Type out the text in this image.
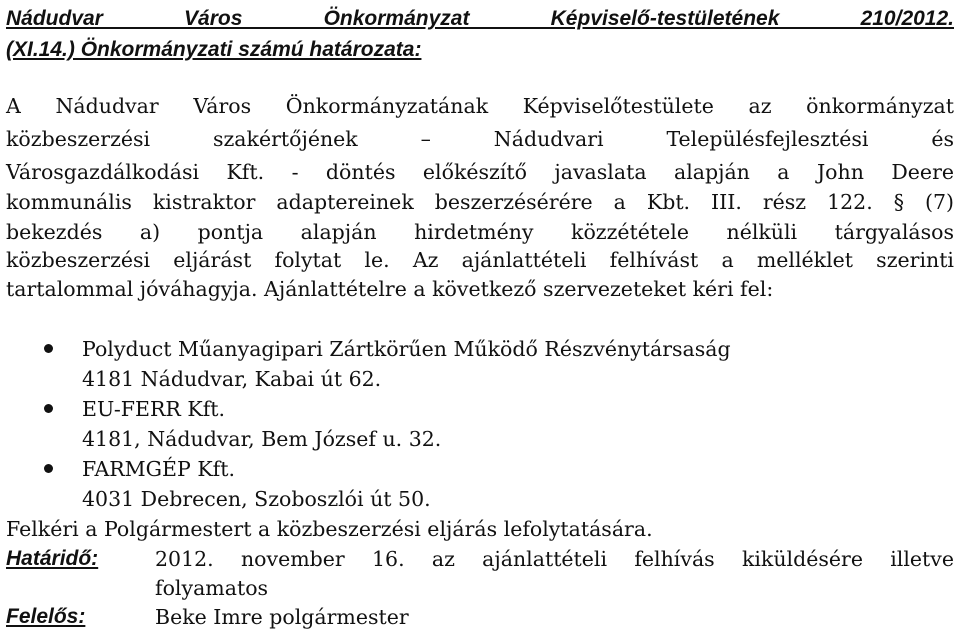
Nádudvar Város Önkormányzat Képviselő-testületének 210/2012.
(XI.14.) Önkormányzati számú határozata:
A Nádudvar Város Önkormányzatának Képviselőtestülete az önkormányzat
közbeszerzési szakértőjének – Nádudvari Településfejlesztési és
Városgazdálkodási Kft. - döntés előkészítő javaslata alapján a John Deere
kommunális kistraktor adaptereinek beszerzésérére a Kbt. III. rész 122. § (7)
bekezdés a) pontja alapján hirdetmény közzététele nélküli tárgyalásos
közbeszerzési eljárást folytat le. Az ajánlattételi felhívást a melléklet szerinti
tartalommal jóváhagyja. Ajánlattételre a következő szervezeteket kéri fel:
Polyduct Műanyagipari Zártkörűen Működő Részvénytársaság
4181 Nádudvar, Kabai út 62.
EU-FERR Kft.
4181, Nádudvar, Bem József u. 32.
FARMGÉP Kft.
4031 Debrecen, Szoboszlói út 50.
Felkéri a Polgármestert a közbeszerzési eljárás lefolytatására.
Határidő:	2012. november 16. az ajánlattételi felhívás kiküldésére illetve
folyamatos
Felelős:	Beke Imre polgármester
